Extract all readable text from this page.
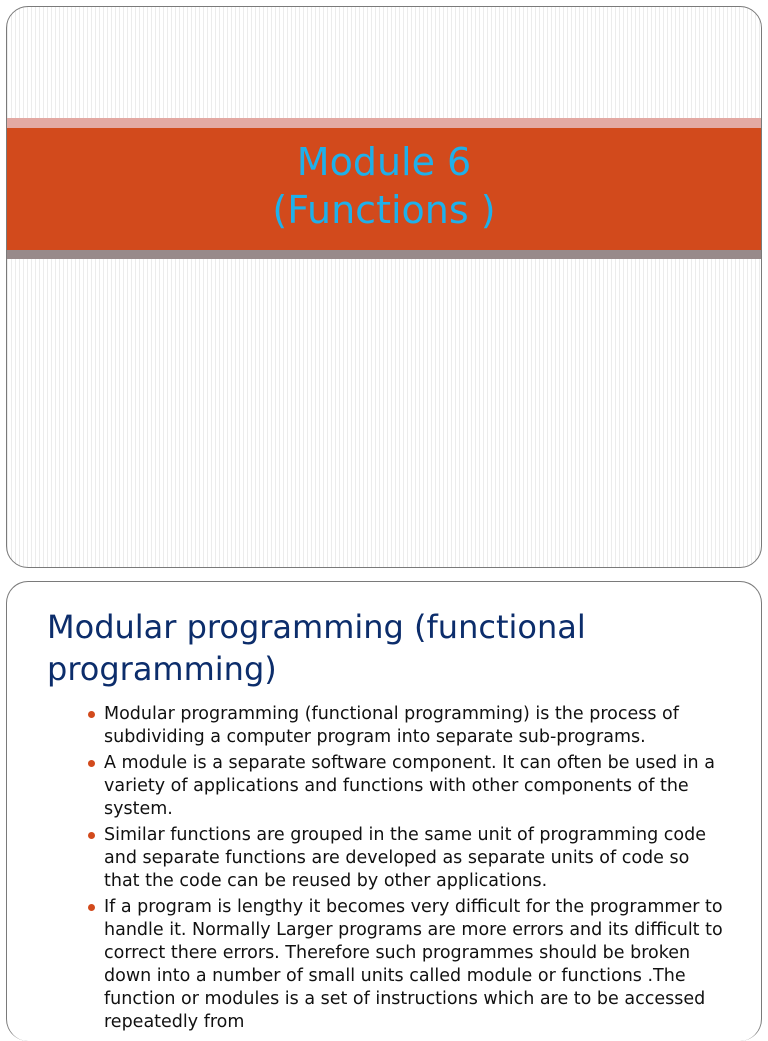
Module 6
(Functions )
Modular programming (functional programming)
Modular programming (functional programming) is the process of subdividing a computer program into separate sub-programs.
A module is a separate software component. It can often be used in a variety of applications and functions with other components of the system.
Similar functions are grouped in the same unit of programming code and separate functions are developed as separate units of code so that the code can be reused by other applications.
If a program is lengthy it becomes very difficult for the programmer to handle it. Normally Larger programs are more errors and its difficult to correct there errors. Therefore such programmes should be broken down into a number of small units called module or functions .The function or modules is a set of instructions which are to be accessed repeatedly from
